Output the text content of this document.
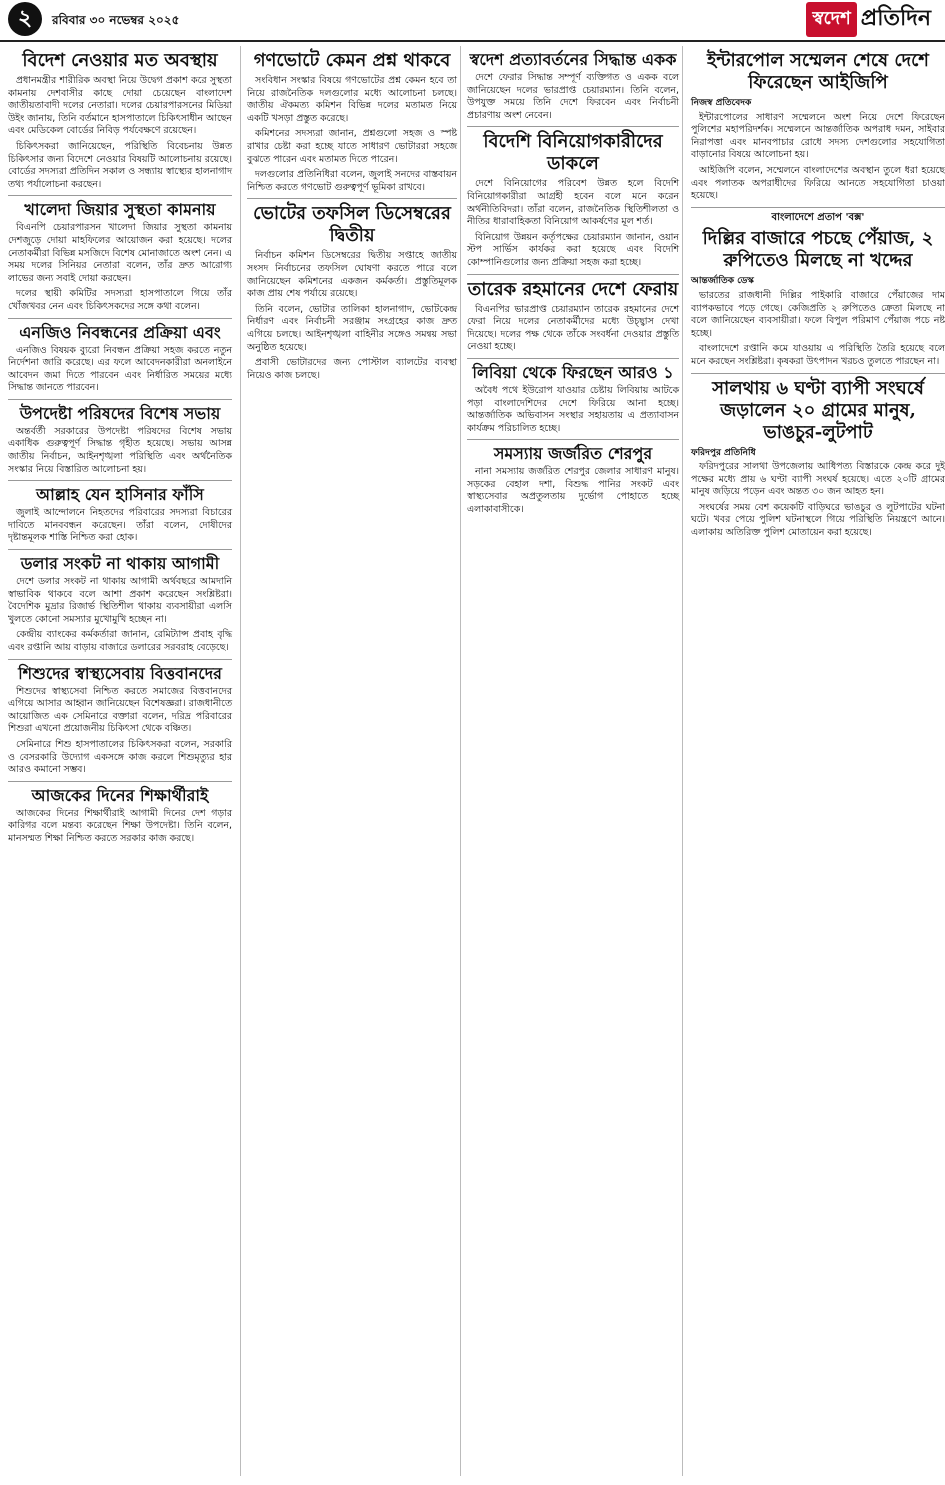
২	রবিবার ৩০ নভেম্বর ২০২৫	স্বদেশ প্রতিদিন
বিদেশ নেওয়ার মত অবস্থায়

প্রধানমন্ত্রীর শারীরিক অবস্থা নিয়ে উদ্বেগ প্রকাশ করে সুস্থতা কামনায় দেশবাসীর কাছে দোয়া চেয়েছেন বাংলাদেশ জাতীয়তাবাদী দলের নেতারা। দলের চেয়ারপারসনের মিডিয়া উইং জানায়, তিনি বর্তমানে হাসপাতালে চিকিৎসাধীন আছেন এবং মেডিকেল বোর্ডের নিবিড় পর্যবেক্ষণে রয়েছেন।

চিকিৎসকরা জানিয়েছেন, পরিস্থিতি বিবেচনায় উন্নত চিকিৎসার জন্য বিদেশে নেওয়ার বিষয়টি আলোচনায় রয়েছে। বোর্ডের সদস্যরা প্রতিদিন সকাল ও সন্ধ্যায় স্বাস্থ্যের হালনাগাদ তথ্য পর্যালোচনা করছেন।

খালেদা জিয়ার সুস্থতা কামনায়

বিএনপি চেয়ারপারসন খালেদা জিয়ার সুস্থতা কামনায় দেশজুড়ে দোয়া মাহফিলের আয়োজন করা হয়েছে। দলের নেতাকর্মীরা বিভিন্ন মসজিদে বিশেষ মোনাজাতে অংশ নেন। এ সময় দলের সিনিয়র নেতারা বলেন, তাঁর দ্রুত আরোগ্য লাভের জন্য সবাই দোয়া করছেন।

দলের স্থায়ী কমিটির সদস্যরা হাসপাতালে গিয়ে তাঁর খোঁজখবর নেন এবং চিকিৎসকদের সঙ্গে কথা বলেন।

এনজিও নিবন্ধনের প্রক্রিয়া এবং

এনজিও বিষয়ক ব্যুরো নিবন্ধন প্রক্রিয়া সহজ করতে নতুন নির্দেশনা জারি করেছে। এর ফলে আবেদনকারীরা অনলাইনে আবেদন জমা দিতে পারবেন এবং নির্ধারিত সময়ের মধ্যে সিদ্ধান্ত জানতে পারবেন।

উপদেষ্টা পরিষদের বিশেষ সভায়

অন্তর্বর্তী সরকারের উপদেষ্টা পরিষদের বিশেষ সভায় একাধিক গুরুত্বপূর্ণ সিদ্ধান্ত গৃহীত হয়েছে। সভায় আসন্ন জাতীয় নির্বাচন, আইনশৃঙ্খলা পরিস্থিতি এবং অর্থনৈতিক সংস্কার নিয়ে বিস্তারিত আলোচনা হয়।

আল্লাহ যেন হাসিনার ফাঁসি

জুলাই আন্দোলনে নিহতদের পরিবারের সদস্যরা বিচারের দাবিতে মানববন্ধন করেছেন। তাঁরা বলেন, দোষীদের দৃষ্টান্তমূলক শাস্তি নিশ্চিত করা হোক।

ডলার সংকট না থাকায় আগামী

দেশে ডলার সংকট না থাকায় আগামী অর্থবছরে আমদানি স্বাভাবিক থাকবে বলে আশা প্রকাশ করেছেন সংশ্লিষ্টরা। বৈদেশিক মুদ্রার রিজার্ভ স্থিতিশীল থাকায় ব্যবসায়ীরা এলসি খুলতে কোনো সমস্যার মুখোমুখি হচ্ছেন না।

কেন্দ্রীয় ব্যাংকের কর্মকর্তারা জানান, রেমিট্যান্স প্রবাহ বৃদ্ধি এবং রপ্তানি আয় বাড়ায় বাজারে ডলারের সরবরাহ বেড়েছে।

শিশুদের স্বাস্থ্যসেবায় বিত্তবানদের

শিশুদের স্বাস্থ্যসেবা নিশ্চিত করতে সমাজের বিত্তবানদের এগিয়ে আসার আহ্বান জানিয়েছেন বিশেষজ্ঞরা। রাজধানীতে আয়োজিত এক সেমিনারে বক্তারা বলেন, দরিদ্র পরিবারের শিশুরা এখনো প্রয়োজনীয় চিকিৎসা থেকে বঞ্চিত।

সেমিনারে শিশু হাসপাতালের চিকিৎসকরা বলেন, সরকারি ও বেসরকারি উদ্যোগ একসঙ্গে কাজ করলে শিশুমৃত্যুর হার আরও কমানো সম্ভব।

আজকের দিনের শিক্ষার্থীরাই

আজকের দিনের শিক্ষার্থীরাই আগামী দিনের দেশ গড়ার কারিগর বলে মন্তব্য করেছেন শিক্ষা উপদেষ্টা। তিনি বলেন, মানসম্মত শিক্ষা নিশ্চিত করতে সরকার কাজ করছে।

গণভোটে কেমন প্রশ্ন থাকবে

সংবিধান সংস্কার বিষয়ে গণভোটের প্রশ্ন কেমন হবে তা নিয়ে রাজনৈতিক দলগুলোর মধ্যে আলোচনা চলছে। জাতীয় ঐকমত্য কমিশন বিভিন্ন দলের মতামত নিয়ে একটি খসড়া প্রস্তুত করেছে।

কমিশনের সদস্যরা জানান, প্রশ্নগুলো সহজ ও স্পষ্ট রাখার চেষ্টা করা হচ্ছে যাতে সাধারণ ভোটাররা সহজে বুঝতে পারেন এবং মতামত দিতে পারেন।

দলগুলোর প্রতিনিধিরা বলেন, জুলাই সনদের বাস্তবায়ন নিশ্চিত করতে গণভোট গুরুত্বপূর্ণ ভূমিকা রাখবে।

ভোটের তফসিল ডিসেম্বরের দ্বিতীয়

নির্বাচন কমিশন ডিসেম্বরের দ্বিতীয় সপ্তাহে জাতীয় সংসদ নির্বাচনের তফসিল ঘোষণা করতে পারে বলে জানিয়েছেন কমিশনের একজন কর্মকর্তা। প্রস্তুতিমূলক কাজ প্রায় শেষ পর্যায়ে রয়েছে।

তিনি বলেন, ভোটার তালিকা হালনাগাদ, ভোটকেন্দ্র নির্ধারণ এবং নির্বাচনী সরঞ্জাম সংগ্রহের কাজ দ্রুত এগিয়ে চলছে। আইনশৃঙ্খলা বাহিনীর সঙ্গেও সমন্বয় সভা অনুষ্ঠিত হয়েছে।

প্রবাসী ভোটারদের জন্য পোস্টাল ব্যালটের ব্যবস্থা নিয়েও কাজ চলছে।

স্বদেশ প্রত্যাবর্তনের সিদ্ধান্ত একক

দেশে ফেরার সিদ্ধান্ত সম্পূর্ণ ব্যক্তিগত ও একক বলে জানিয়েছেন দলের ভারপ্রাপ্ত চেয়ারম্যান। তিনি বলেন, উপযুক্ত সময়ে তিনি দেশে ফিরবেন এবং নির্বাচনী প্রচারণায় অংশ নেবেন।

বিদেশি বিনিয়োগকারীদের ডাকলে

দেশে বিনিয়োগের পরিবেশ উন্নত হলে বিদেশি বিনিয়োগকারীরা আগ্রহী হবেন বলে মনে করেন অর্থনীতিবিদরা। তাঁরা বলেন, রাজনৈতিক স্থিতিশীলতা ও নীতির ধারাবাহিকতা বিনিয়োগ আকর্ষণের মূল শর্ত।

বিনিয়োগ উন্নয়ন কর্তৃপক্ষের চেয়ারম্যান জানান, ওয়ান স্টপ সার্ভিস কার্যকর করা হয়েছে এবং বিদেশি কোম্পানিগুলোর জন্য প্রক্রিয়া সহজ করা হচ্ছে।

তারেক রহমানের দেশে ফেরায়

বিএনপির ভারপ্রাপ্ত চেয়ারম্যান তারেক রহমানের দেশে ফেরা নিয়ে দলের নেতাকর্মীদের মধ্যে উচ্ছ্বাস দেখা দিয়েছে। দলের পক্ষ থেকে তাঁকে সংবর্ধনা দেওয়ার প্রস্তুতি নেওয়া হচ্ছে।

লিবিয়া থেকে ফিরছেন আরও ১

অবৈধ পথে ইউরোপ যাওয়ার চেষ্টায় লিবিয়ায় আটকে পড়া বাংলাদেশিদের দেশে ফিরিয়ে আনা হচ্ছে। আন্তর্জাতিক অভিবাসন সংস্থার সহায়তায় এ প্রত্যাবাসন কার্যক্রম পরিচালিত হচ্ছে।

সমস্যায় জর্জরিত শেরপুর

নানা সমস্যায় জর্জরিত শেরপুর জেলার সাধারণ মানুষ। সড়কের বেহাল দশা, বিশুদ্ধ পানির সংকট এবং স্বাস্থ্যসেবার অপ্রতুলতায় দুর্ভোগ পোহাতে হচ্ছে এলাকাবাসীকে।

ইন্টারপোল সম্মেলন শেষে দেশে ফিরেছেন আইজিপি
নিজস্ব প্রতিবেদক

ইন্টারপোলের সাধারণ সম্মেলনে অংশ নিয়ে দেশে ফিরেছেন পুলিশের মহাপরিদর্শক। সম্মেলনে আন্তর্জাতিক অপরাধ দমন, সাইবার নিরাপত্তা এবং মানবপাচার রোধে সদস্য দেশগুলোর সহযোগিতা বাড়ানোর বিষয়ে আলোচনা হয়।

আইজিপি বলেন, সম্মেলনে বাংলাদেশের অবস্থান তুলে ধরা হয়েছে এবং পলাতক অপরাধীদের ফিরিয়ে আনতে সহযোগিতা চাওয়া হয়েছে।

বাংলাদেশে প্রতাপ 'বক্স'
দিল্লির বাজারে পচছে পেঁয়াজ, ২ রুপিতেও মিলছে না খদ্দের
আন্তর্জাতিক ডেস্ক

ভারতের রাজধানী দিল্লির পাইকারি বাজারে পেঁয়াজের দাম ব্যাপকভাবে পড়ে গেছে। কেজিপ্রতি ২ রুপিতেও ক্রেতা মিলছে না বলে জানিয়েছেন ব্যবসায়ীরা। ফলে বিপুল পরিমাণ পেঁয়াজ পচে নষ্ট হচ্ছে।

বাংলাদেশে রপ্তানি কমে যাওয়ায় এ পরিস্থিতি তৈরি হয়েছে বলে মনে করছেন সংশ্লিষ্টরা। কৃষকরা উৎপাদন খরচও তুলতে পারছেন না।

সালথায় ৬ ঘণ্টা ব্যাপী সংঘর্ষে জড়ালেন ২০ গ্রামের মানুষ, ভাঙচুর-লুটপাট
ফরিদপুর প্রতিনিধি

ফরিদপুরের সালথা উপজেলায় আধিপত্য বিস্তারকে কেন্দ্র করে দুই পক্ষের মধ্যে প্রায় ৬ ঘণ্টা ব্যাপী সংঘর্ষ হয়েছে। এতে ২০টি গ্রামের মানুষ জড়িয়ে পড়েন এবং অন্তত ৩০ জন আহত হন।

সংঘর্ষের সময় বেশ কয়েকটি বাড়িঘরে ভাঙচুর ও লুটপাটের ঘটনা ঘটে। খবর পেয়ে পুলিশ ঘটনাস্থলে গিয়ে পরিস্থিতি নিয়ন্ত্রণে আনে। এলাকায় অতিরিক্ত পুলিশ মোতায়েন করা হয়েছে।
